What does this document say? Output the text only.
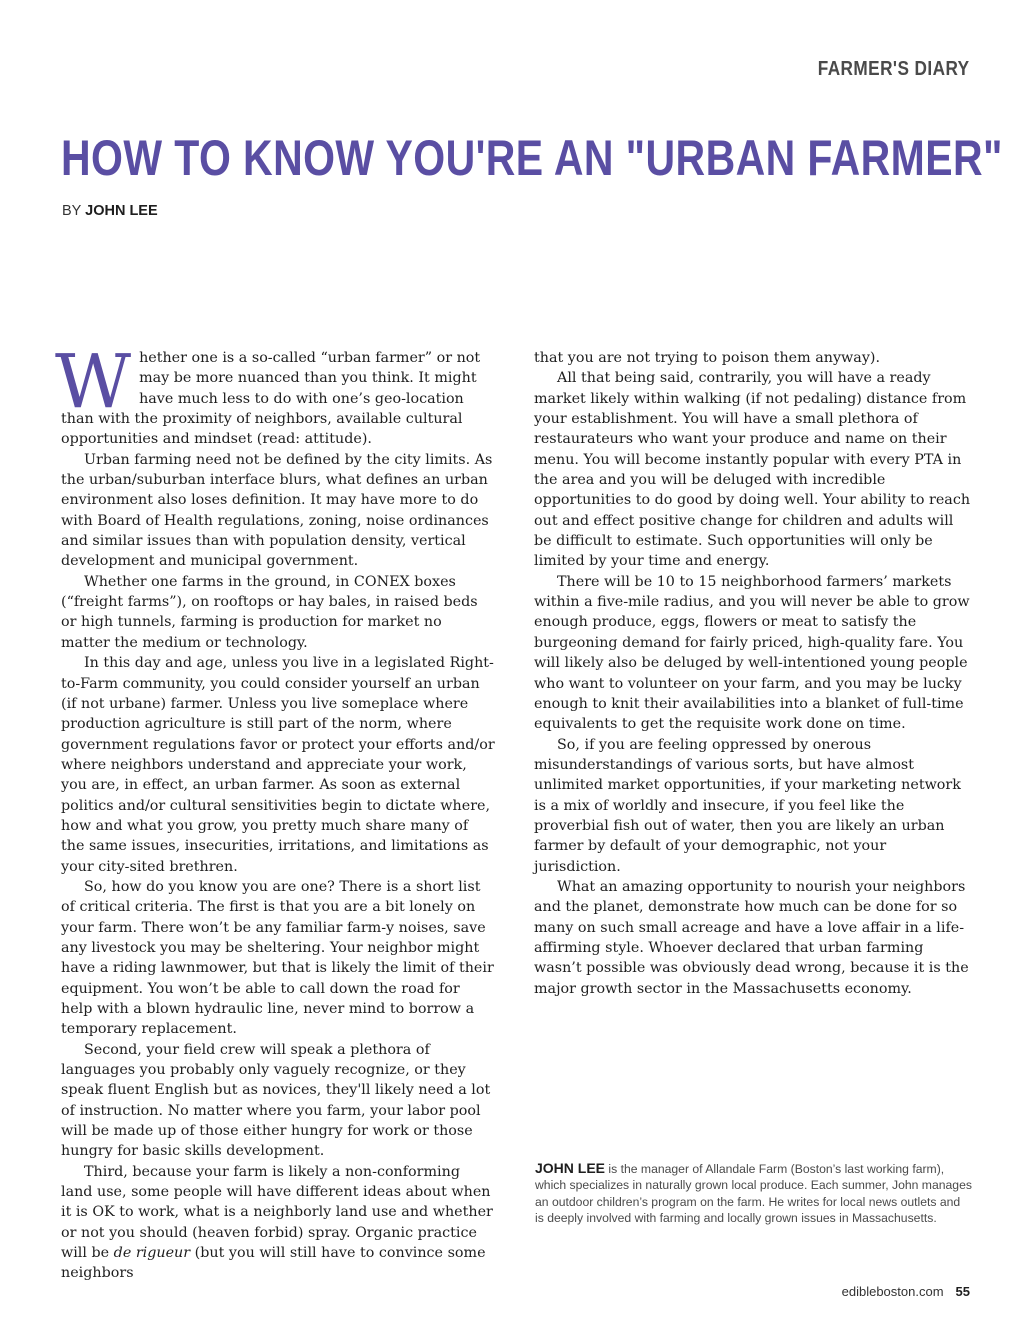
FARMER'S DIARY
HOW TO KNOW YOU'RE AN "URBAN FARMER"
BY JOHN LEE

Whether one is a so-called “urban farmer” or not may be more nuanced than you think. It might have much less to do with one’s geo-location than with the proximity of neighbors, available cultural opportunities and mindset (read: attitude).

Urban farming need not be defined by the city limits. As the urban/suburban interface blurs, what defines an urban environment also loses definition. It may have more to do with Board of Health regulations, zoning, noise ordinances and similar issues than with population density, vertical development and municipal government.

Whether one farms in the ground, in CONEX boxes (“freight farms”), on rooftops or hay bales, in raised beds or high tunnels, farming is production for market no matter the medium or technology.

In this day and age, unless you live in a legislated Right-to-Farm community, you could consider yourself an urban (if not urbane) farmer. Unless you live someplace where production agriculture is still part of the norm, where government regulations favor or protect your efforts and/or where neighbors understand and appreciate your work, you are, in effect, an urban farmer. As soon as external politics and/or cultural sensitivities begin to dictate where, how and what you grow, you pretty much share many of the same issues, insecurities, irritations, and limitations as your city-sited brethren.

So, how do you know you are one? There is a short list of critical criteria. The first is that you are a bit lonely on your farm. There won’t be any familiar farm-y noises, save any livestock you may be sheltering. Your neighbor might have a riding lawnmower, but that is likely the limit of their equipment. You won’t be able to call down the road for help with a blown hydraulic line, never mind to borrow a temporary replacement.

Second, your field crew will speak a plethora of languages you probably only vaguely recognize, or they speak fluent English but as novices, they'll likely need a lot of instruction. No matter where you farm, your labor pool will be made up of those either hungry for work or those hungry for basic skills development.

Third, because your farm is likely a non-conforming land use, some people will have different ideas about when it is OK to work, what is a neighborly land use and whether or not you should (heaven forbid) spray. Organic practice will be de rigueur (but you will still have to convince some neighbors

that you are not trying to poison them anyway).

All that being said, contrarily, you will have a ready market likely within walking (if not pedaling) distance from your establishment. You will have a small plethora of restaurateurs who want your produce and name on their menu. You will become instantly popular with every PTA in the area and you will be deluged with incredible opportunities to do good by doing well. Your ability to reach out and effect positive change for children and adults will be difficult to estimate. Such opportunities will only be limited by your time and energy.

There will be 10 to 15 neighborhood farmers’ markets within a five-mile radius, and you will never be able to grow enough produce, eggs, flowers or meat to satisfy the burgeoning demand for fairly priced, high-quality fare. You will likely also be deluged by well-intentioned young people who want to volunteer on your farm, and you may be lucky enough to knit their availabilities into a blanket of full-time equivalents to get the requisite work done on time.

So, if you are feeling oppressed by onerous misunderstandings of various sorts, but have almost unlimited market opportunities, if your marketing network is a mix of worldly and insecure, if you feel like the proverbial fish out of water, then you are likely an urban farmer by default of your demographic, not your jurisdiction.

What an amazing opportunity to nourish your neighbors and the planet, demonstrate how much can be done for so many on such small acreage and have a love affair in a life-affirming style. Whoever declared that urban farming wasn’t possible was obviously dead wrong, because it is the major growth sector in the Massachusetts economy.

JOHN LEE is the manager of Allandale Farm (Boston’s last working farm), which specializes in naturally grown local produce. Each summer, John manages an outdoor children’s program on the farm. He writes for local news outlets and is deeply involved with farming and locally grown issues in Massachusetts.
edibleboston.com 55
